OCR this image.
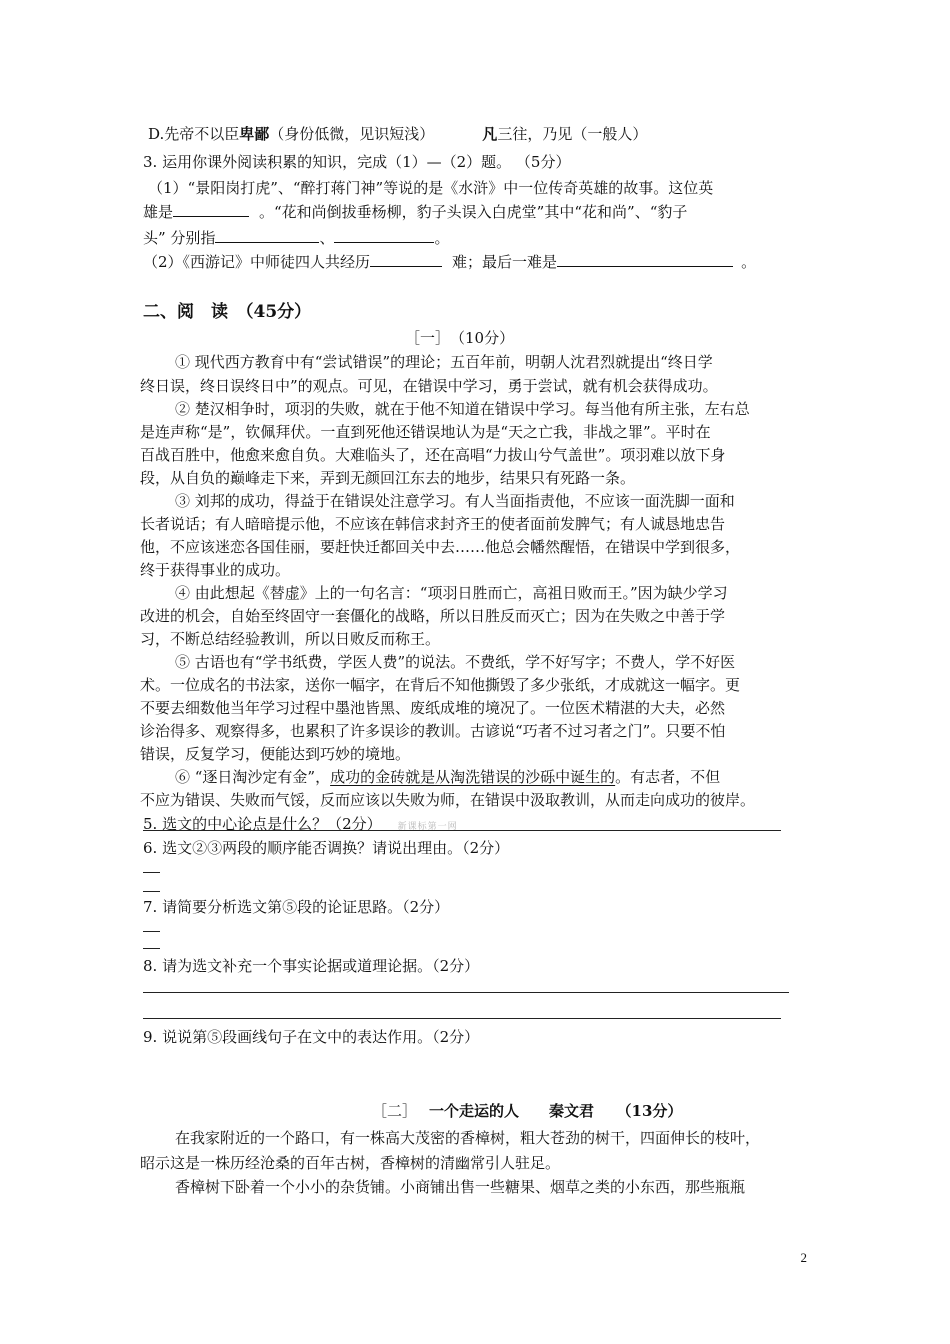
D.先帝不以臣卑鄙（身份低微，见识短浅）	凡三往，乃见（一般人）
3. 运用你课外阅读积累的知识，完成（1）—（2）题。 （5分）
（1）“景阳岗打虎”、“醉打蒋门神”等说的是《水浒》中一位传奇英雄的故事。这位英
雄是	。“花和尚倒拔垂杨柳，豹子头误入白虎堂”其中“花和尚”、“豹子
头” 分别指	、	。
（2）《西游记》中师徒四人共经历	难；最后一难是	。
二、阅　读　（45分）
［一］　（10分）
① 现代西方教育中有“尝试错误”的理论；五百年前，明朝人沈君烈就提出“终日学
终日误，终日误终日中”的观点。可见，在错误中学习，勇于尝试，就有机会获得成功。
② 楚汉相争时，项羽的失败，就在于他不知道在错误中学习。每当他有所主张，左右总
是连声称“是”，钦佩拜伏。一直到死他还错误地认为是“天之亡我，非战之罪”。平时在
百战百胜中，他愈来愈自负。大难临头了，还在高唱“力拔山兮气盖世”。项羽难以放下身
段，从自负的巅峰走下来，弄到无颜回江东去的地步，结果只有死路一条。
③ 刘邦的成功，得益于在错误处注意学习。有人当面指责他，不应该一面洗脚一面和
长者说话；有人暗暗提示他，不应该在韩信求封齐王的使者面前发脾气；有人诚恳地忠告
他，不应该迷恋各国佳丽，要赶快迁都回关中去……他总会幡然醒悟，在错误中学到很多，
终于获得事业的成功。
④ 由此想起《替虚》上的一句名言：“项羽日胜而亡，高祖日败而王。”因为缺少学习
改进的机会，自始至终固守一套僵化的战略，所以日胜反而灭亡；因为在失败之中善于学
习，不断总结经验教训，所以日败反而称王。
⑤ 古语也有“学书纸费，学医人费”的说法。不费纸，学不好写字；不费人，学不好医
术。一位成名的书法家，送你一幅字，在背后不知他撕毁了多少张纸，才成就这一幅字。更
不要去细数他当年学习过程中墨池皆黑、废纸成堆的境况了。一位医术精湛的大夫，必然
诊治得多、观察得多，也累积了许多误诊的教训。古谚说“巧者不过习者之门”。只要不怕
错误，反复学习，便能达到巧妙的境地。
⑥ “逐日淘沙定有金”，成功的金砖就是从淘洗错误的沙砾中诞生的。有志者，不但
不应为错误、失败而气馁，反而应该以失败为师，在错误中汲取教训，从而走向成功的彼岸。
5. 选文的中心论点是什么？（2分） 新课标第一网
6. 选文②③两段的顺序能否调换？请说出理由。（2分）
7. 请简要分析选文第⑤段的论证思路。（2分）
8. 请为选文补充一个事实论据或道理论据。（2分）
9. 说说第⑤段画线句子在文中的表达作用。（2分）
［二］ 一个走运的人　　秦文君　　（13分）
在我家附近的一个路口，有一株高大茂密的香樟树，粗大苍劲的树干，四面伸长的枝叶，
昭示这是一株历经沧桑的百年古树，香樟树的清幽常引人驻足。
香樟树下卧着一个小小的杂货铺。小商铺出售一些糖果、烟草之类的小东西，那些瓶瓶
2
